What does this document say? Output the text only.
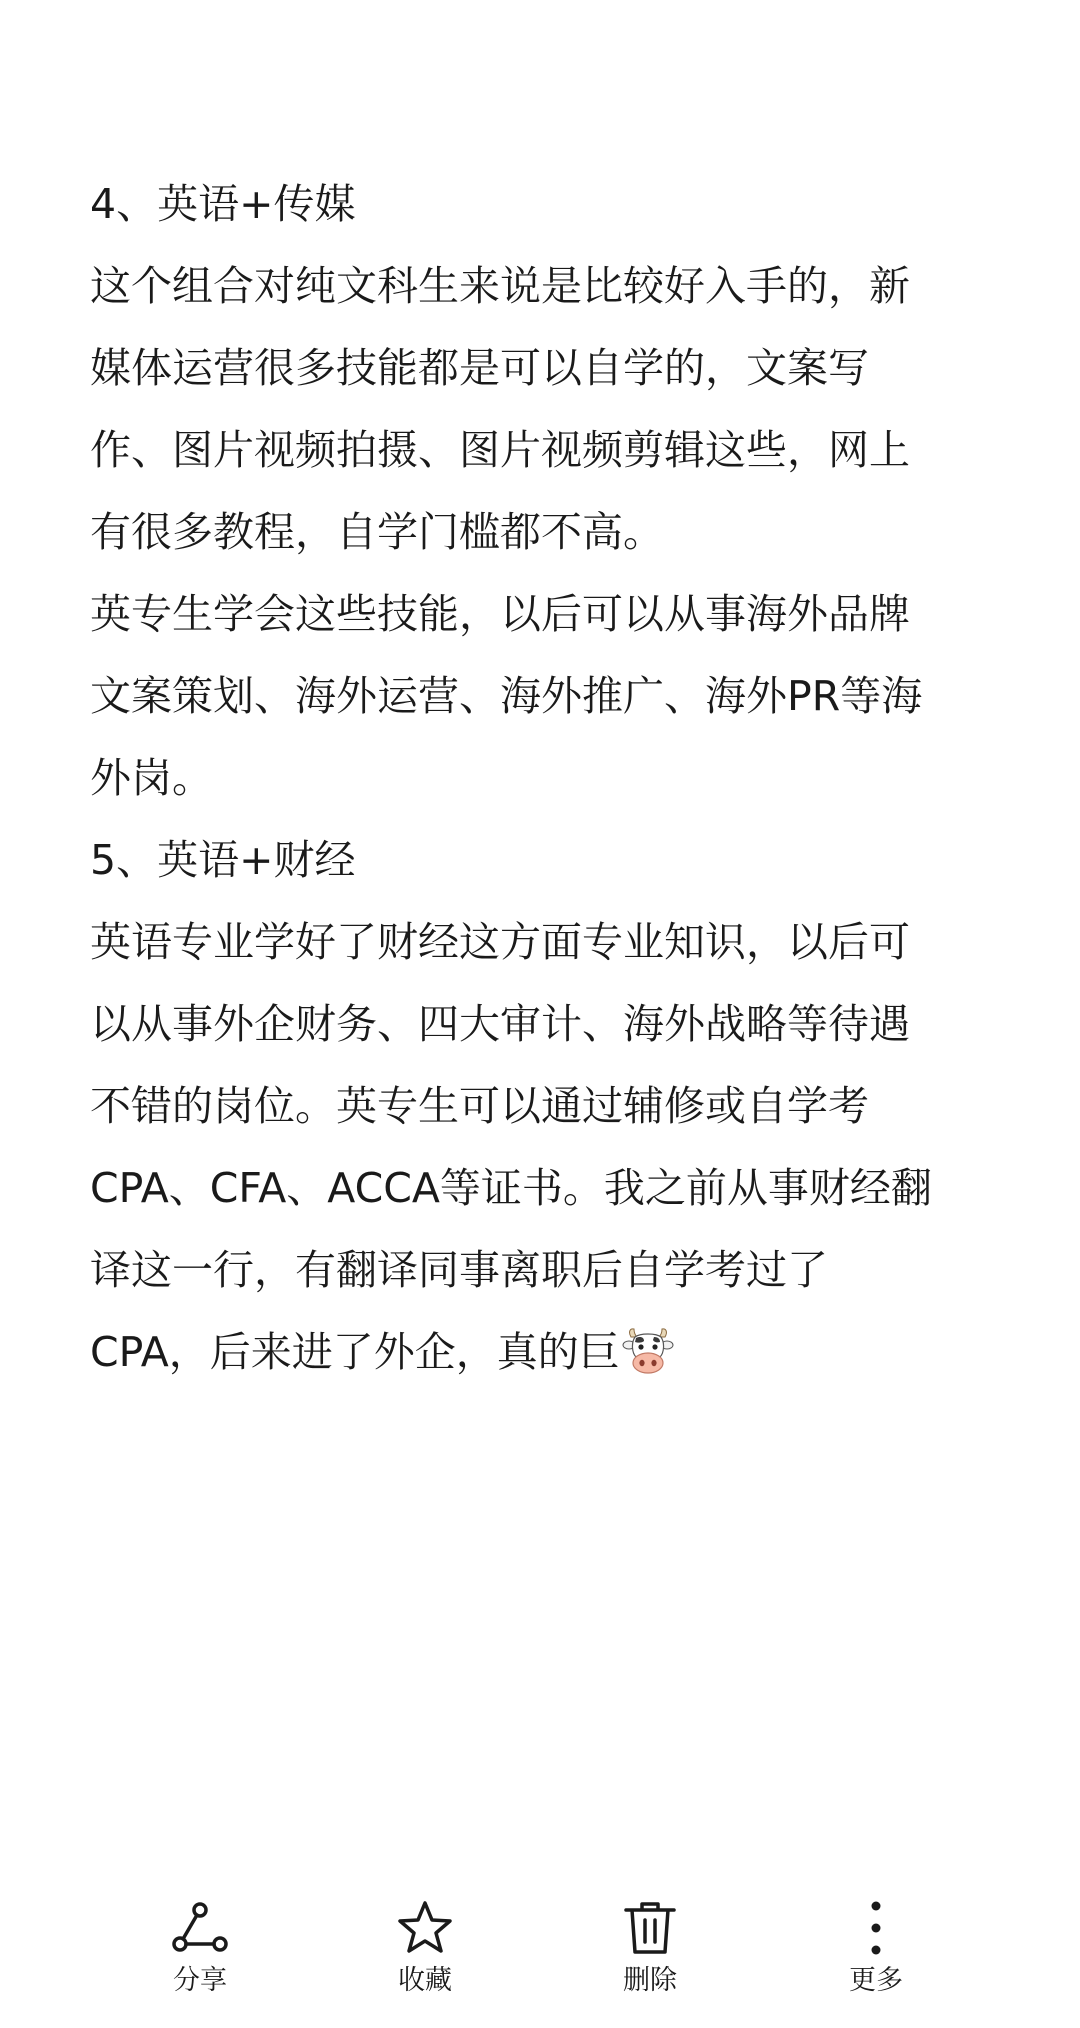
4、英语+传媒
这个组合对纯文科生来说是比较好入手的，新
媒体运营很多技能都是可以自学的，文案写
作、图片视频拍摄、图片视频剪辑这些，网上
有很多教程，自学门槛都不高。
英专生学会这些技能，以后可以从事海外品牌
文案策划、海外运营、海外推广、海外PR等海
外岗。
5、英语+财经
英语专业学好了财经这方面专业知识，以后可
以从事外企财务、四大审计、海外战略等待遇
不错的岗位。英专生可以通过辅修或自学考
CPA、CFA、ACCA等证书。我之前从事财经翻
译这一行，有翻译同事离职后自学考过了
CPA，后来进了外企，真的巨
分享	收藏	删除	更多
